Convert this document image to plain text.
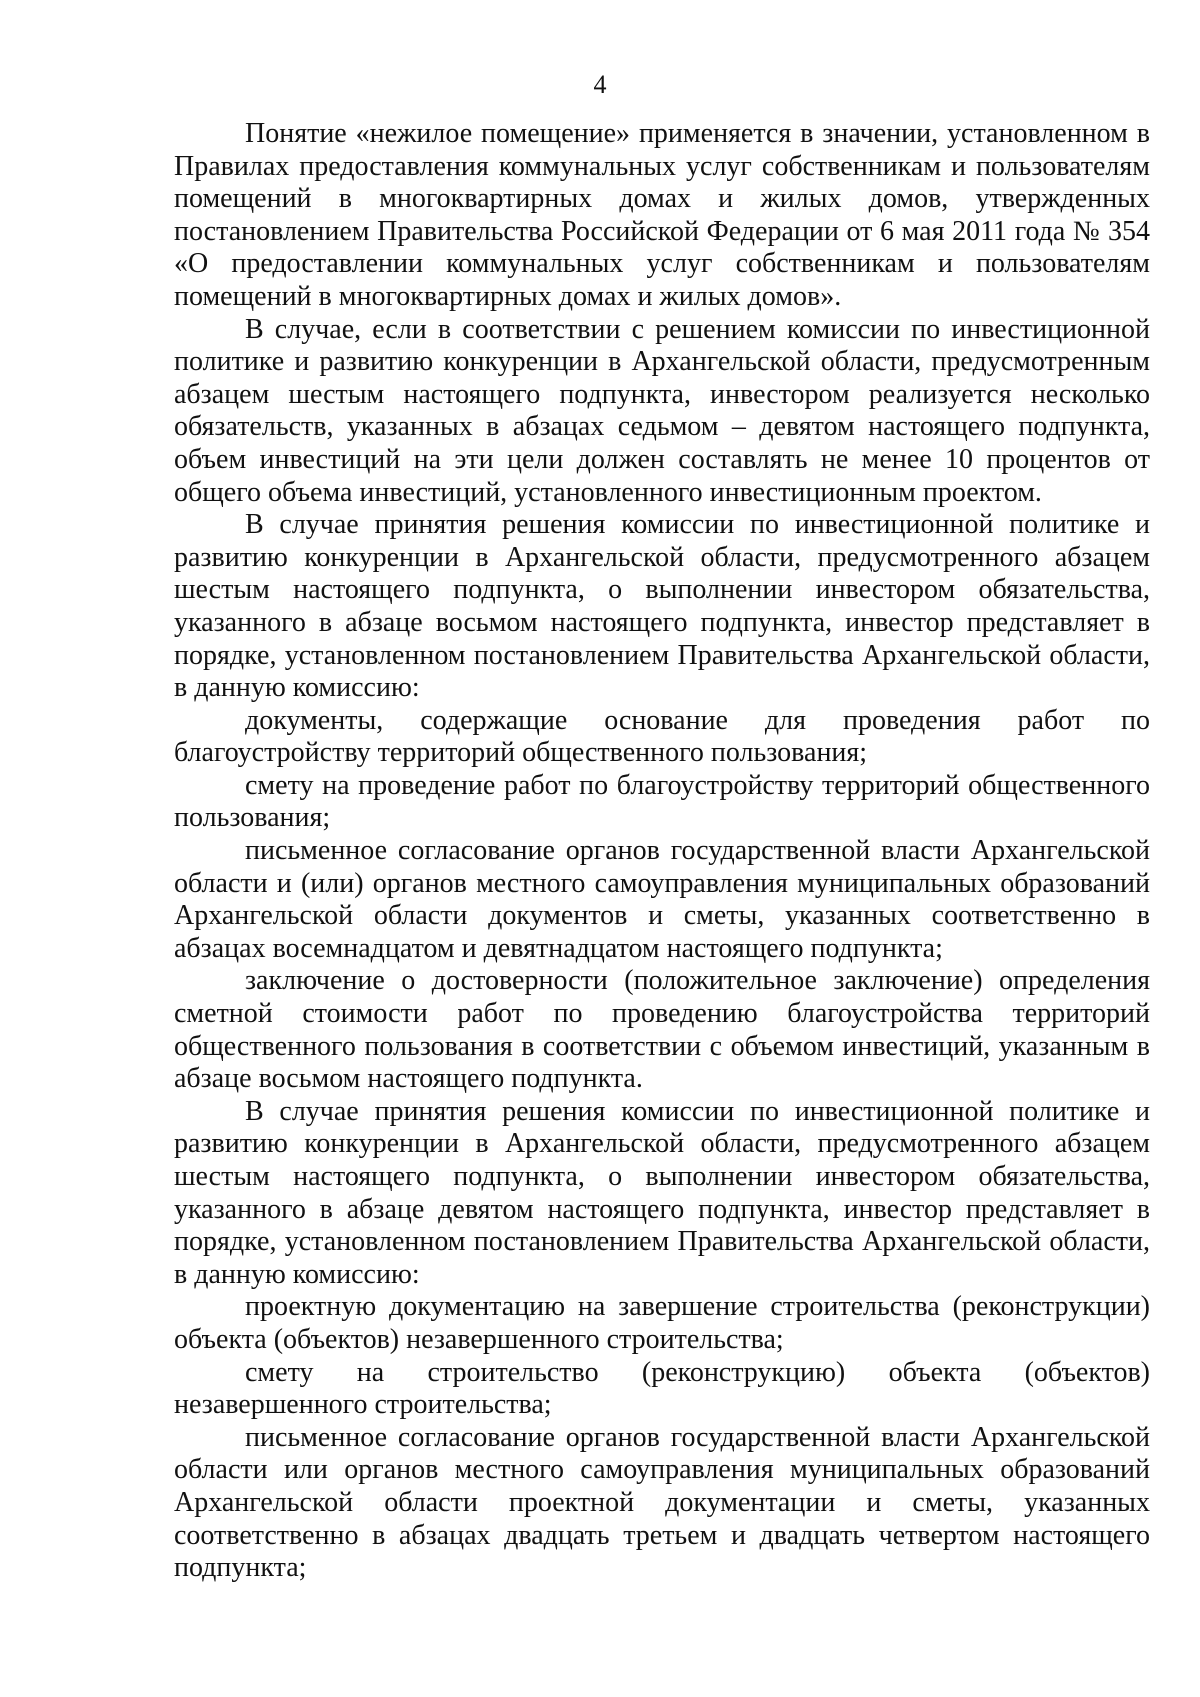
4

Понятие «нежилое помещение» применяется в значении, установленном в Правилах предоставления коммунальных услуг собственникам и пользователям помещений в многоквартирных домах и жилых домов, утвержденных постановлением Правительства Российской Федерации от 6 мая 2011 года № 354 «О предоставлении коммунальных услуг собственникам и пользователям помещений в многоквартирных домах и жилых домов».

В случае, если в соответствии с решением комиссии по инвестиционной политике и развитию конкуренции в Архангельской области, предусмотренным абзацем шестым настоящего подпункта, инвестором реализуется несколько обязательств, указанных в абзацах седьмом – девятом настоящего подпункта, объем инвестиций на эти цели должен составлять не менее 10 процентов от общего объема инвестиций, установленного инвестиционным проектом.

В случае принятия решения комиссии по инвестиционной политике и развитию конкуренции в Архангельской области, предусмотренного абзацем шестым настоящего подпункта, о выполнении инвестором обязательства, указанного в абзаце восьмом настоящего подпункта, инвестор представляет в порядке, установленном постановлением Правительства Архангельской области, в данную комиссию:

документы, содержащие основание для проведения работ по благоустройству территорий общественного пользования;

смету на проведение работ по благоустройству территорий общественного пользования;

письменное согласование органов государственной власти Архангельской области и (или) органов местного самоуправления муниципальных образований Архангельской области документов и сметы, указанных соответственно в абзацах восемнадцатом и девятнадцатом настоящего подпункта;

заключение о достоверности (положительное заключение) определения сметной стоимости работ по проведению благоустройства территорий общественного пользования в соответствии с объемом инвестиций, указанным в абзаце восьмом настоящего подпункта.

В случае принятия решения комиссии по инвестиционной политике и развитию конкуренции в Архангельской области, предусмотренного абзацем шестым настоящего подпункта, о выполнении инвестором обязательства, указанного в абзаце девятом настоящего подпункта, инвестор представляет в порядке, установленном постановлением Правительства Архангельской области, в данную комиссию:

проектную документацию на завершение строительства (реконструкции) объекта (объектов) незавершенного строительства;

смету на строительство (реконструкцию) объекта (объектов) незавершенного строительства;

письменное согласование органов государственной власти Архангельской области или органов местного самоуправления муниципальных образований Архангельской области проектной документации и сметы, указанных соответственно в абзацах двадцать третьем и двадцать четвертом настоящего подпункта;
